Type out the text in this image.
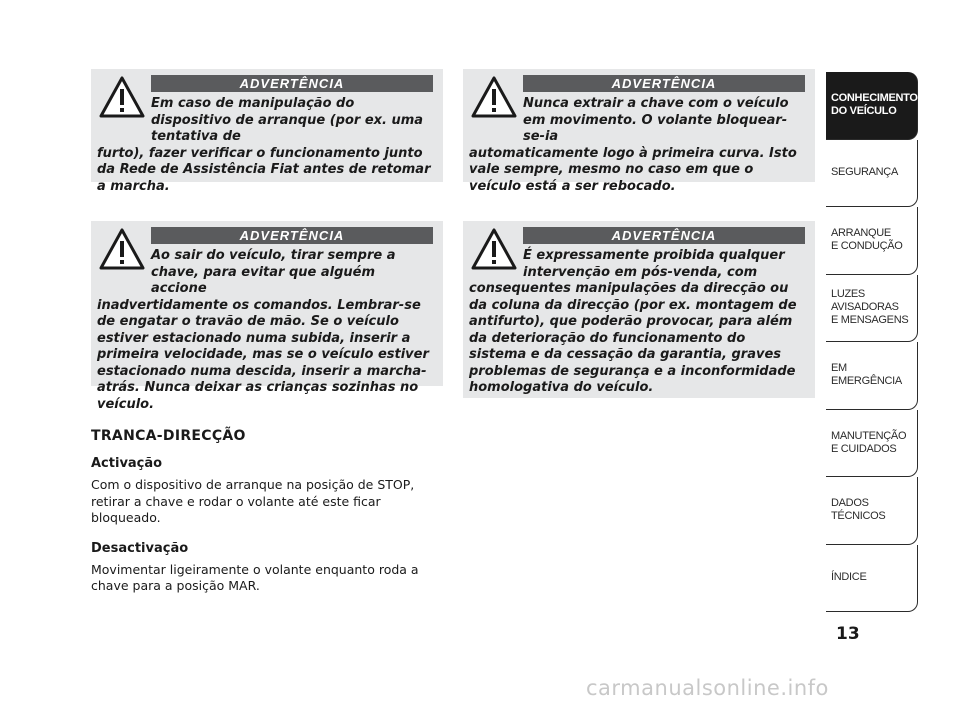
ADVERTÊNCIA
Em caso de manipulação do dispositivo de arranque (por ex. uma tentativa de
furto), fazer verificar o funcionamento junto da Rede de Assistência Fiat antes de retomar a marcha.
ADVERTÊNCIA
Nunca extrair a chave com o veículo em movimento. O volante bloquear-se-ia
automaticamente logo à primeira curva. Isto vale sempre, mesmo no caso em que o veículo está a ser rebocado.
ADVERTÊNCIA
Ao sair do veículo, tirar sempre a chave, para evitar que alguém accione
inadvertidamente os comandos. Lembrar-se de engatar o travão de mão. Se o veículo estiver estacionado numa subida, inserir a primeira velocidade, mas se o veículo estiver estacionado numa descida, inserir a marcha-atrás. Nunca deixar as crianças sozinhas no veículo.
ADVERTÊNCIA
É expressamente proibida qualquer intervenção em pós-venda, com
consequentes manipulações da direcção ou da coluna da direcção (por ex. montagem de antifurto), que poderão provocar, para além da deterioração do funcionamento do sistema e da cessação da garantia, graves problemas de segurança e a inconformidade homologativa do veículo.
TRANCA-DIRECÇÃO
Activação

Com o dispositivo de arranque na posição de STOP, retirar a chave e rodar o volante até este ficar bloqueado.

Desactivação

Movimentar ligeiramente o volante enquanto roda a chave para a posição MAR.

CONHECIMENTO
DO VEÍCULO
SEGURANÇA
ARRANQUE
E CONDUÇÃO
LUZES
AVISADORAS
E MENSAGENS
EM EMERGÊNCIA
MANUTENÇÃO
E CUIDADOS
DADOS
TÉCNICOS
ÍNDICE
13
carmanualsonline.info
